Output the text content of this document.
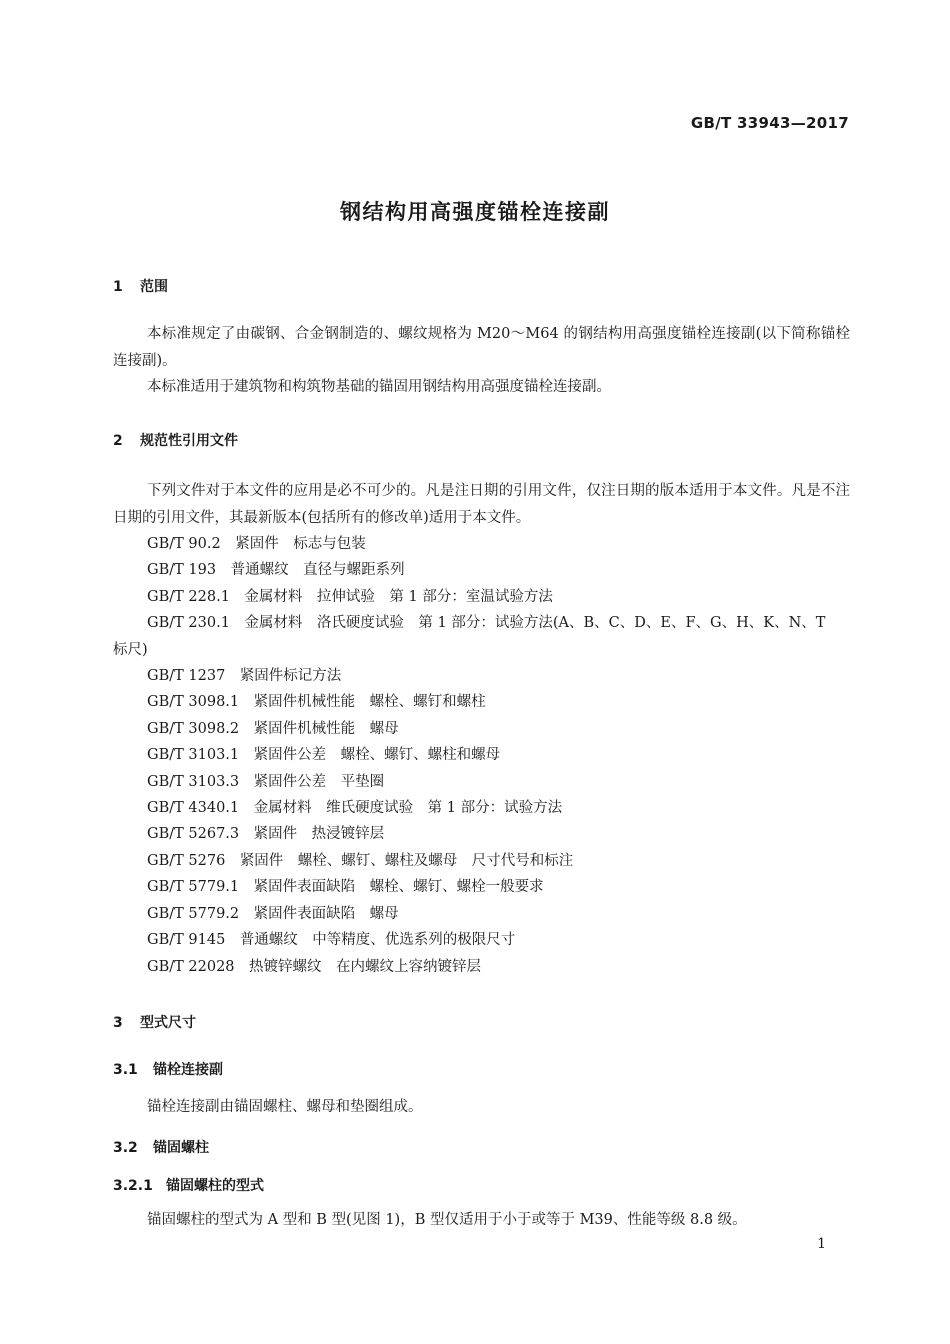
GB/T 33943—2017
钢结构用高强度锚栓连接副
1 范围

本标准规定了由碳钢、合金钢制造的、螺纹规格为 M20～M64 的钢结构用高强度锚栓连接副(以下简称锚栓连接副)。

本标准适用于建筑物和构筑物基础的锚固用钢结构用高强度锚栓连接副。

2 规范性引用文件

下列文件对于本文件的应用是必不可少的。凡是注日期的引用文件，仅注日期的版本适用于本文件。凡是不注日期的引用文件，其最新版本(包括所有的修改单)适用于本文件。

GB/T 90.2　 紧固件　标志与包装
GB/T 193　 普通螺纹　直径与螺距系列
GB/T 228.1　 金属材料　拉伸试验　第 1 部分：室温试验方法
GB/T 230.1　 金属材料　洛氏硬度试验　第 1 部分：试验方法(A、B、C、D、E、F、G、H、K、N、T
标尺)
GB/T 1237　 紧固件标记方法
GB/T 3098.1　 紧固件机械性能　螺栓、螺钉和螺柱
GB/T 3098.2　 紧固件机械性能　螺母
GB/T 3103.1　 紧固件公差　螺栓、螺钉、螺柱和螺母
GB/T 3103.3　 紧固件公差　平垫圈
GB/T 4340.1　 金属材料　维氏硬度试验　第 1 部分：试验方法
GB/T 5267.3　 紧固件　热浸镀锌层
GB/T 5276　 紧固件　螺栓、螺钉、螺柱及螺母　尺寸代号和标注
GB/T 5779.1　 紧固件表面缺陷　螺栓、螺钉、螺栓一般要求
GB/T 5779.2　 紧固件表面缺陷　螺母
GB/T 9145　 普通螺纹　中等精度、优选系列的极限尺寸
GB/T 22028　 热镀锌螺纹　在内螺纹上容纳镀锌层
3 型式尺寸
3.1 锚栓连接副

锚栓连接副由锚固螺柱、螺母和垫圈组成。

3.2 锚固螺柱
3.2.1 锚固螺柱的型式

锚固螺柱的型式为 A 型和 B 型(见图 1)，B 型仅适用于小于或等于 M39、性能等级 8.8 级。

1
